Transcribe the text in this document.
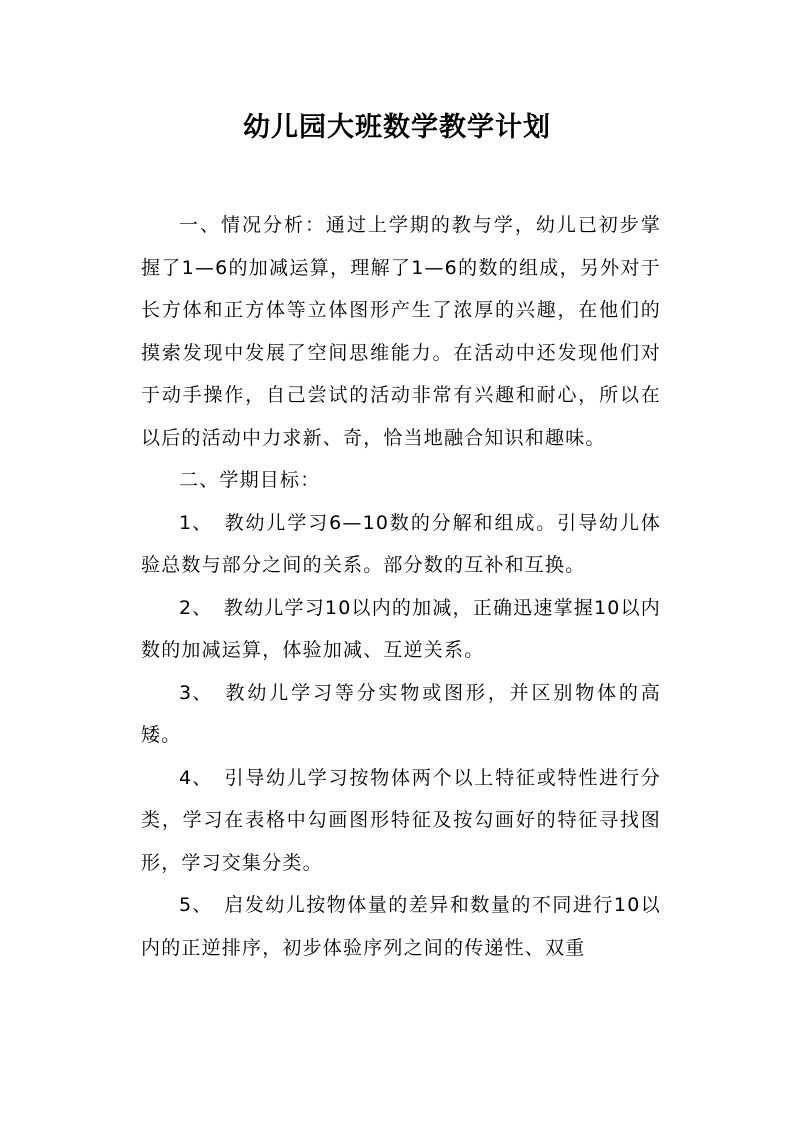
幼儿园大班数学教学计划

一、情况分析：通过上学期的教与学，幼儿已初步掌握了1—6的加减运算，理解了1—6的数的组成，另外对于长方体和正方体等立体图形产生了浓厚的兴趣，在他们的摸索发现中发展了空间思维能力。在活动中还发现他们对于动手操作，自己尝试的活动非常有兴趣和耐心，所以在以后的活动中力求新、奇，恰当地融合知识和趣味。

二、学期目标：

1、 教幼儿学习6—10数的分解和组成。引导幼儿体验总数与部分之间的关系。部分数的互补和互换。

2、 教幼儿学习10以内的加减，正确迅速掌握10以内数的加减运算，体验加减、互逆关系。

3、 教幼儿学习等分实物或图形，并区别物体的高矮。

4、 引导幼儿学习按物体两个以上特征或特性进行分类，学习在表格中勾画图形特征及按勾画好的特征寻找图形，学习交集分类。

5、 启发幼儿按物体量的差异和数量的不同进行10以内的正逆排序，初步体验序列之间的传递性、双重
